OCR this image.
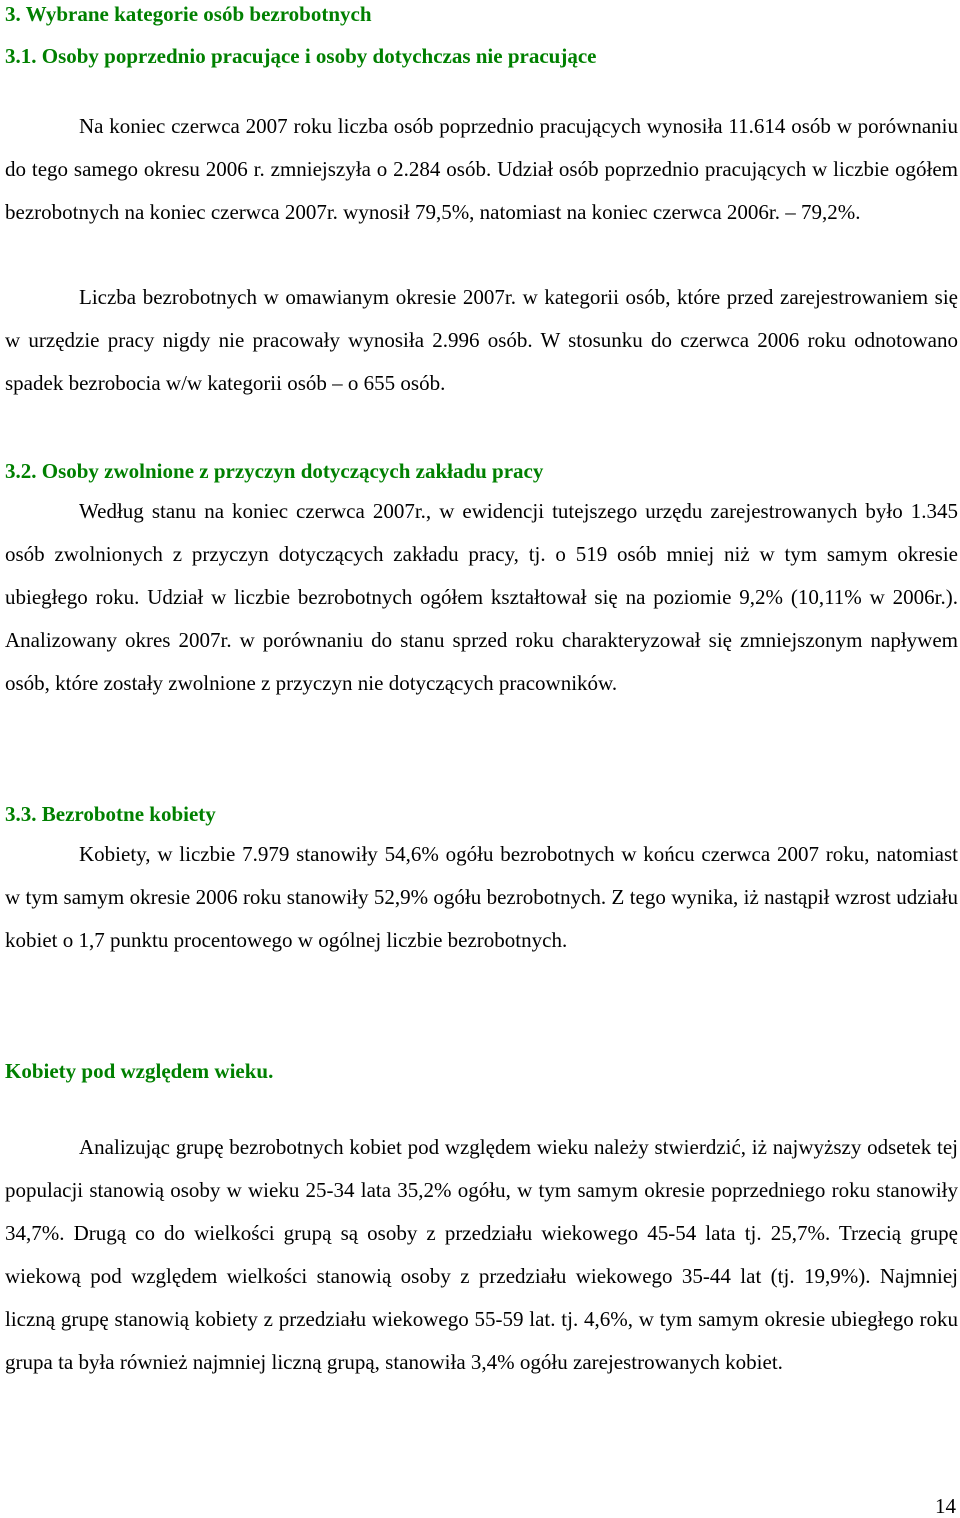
3. Wybrane kategorie osób bezrobotnych
3.1. Osoby poprzednio pracujące i osoby dotychczas nie pracujące

Na koniec czerwca 2007 roku liczba osób poprzednio pracujących wynosiła 11.614 osób w porównaniu do tego samego okresu 2006 r. zmniejszyła o 2.284 osób. Udział osób poprzednio pracujących w liczbie ogółem bezrobotnych na koniec czerwca 2007r. wynosił 79,5%, natomiast na koniec czerwca 2006r. – 79,2%.

Liczba bezrobotnych w omawianym okresie 2007r. w kategorii osób, które przed zarejestrowaniem się w urzędzie pracy nigdy nie pracowały wynosiła 2.996 osób. W stosunku do czerwca 2006 roku odnotowano spadek bezrobocia w/w kategorii osób – o 655 osób.

3.2. Osoby zwolnione z przyczyn dotyczących zakładu pracy

Według stanu na koniec czerwca 2007r., w ewidencji tutejszego urzędu zarejestrowanych było 1.345 osób zwolnionych z przyczyn dotyczących zakładu pracy, tj. o 519 osób mniej niż w tym samym okresie ubiegłego roku. Udział w liczbie bezrobotnych ogółem kształtował się na poziomie 9,2% (10,11% w 2006r.). Analizowany okres 2007r. w porównaniu do stanu sprzed roku charakteryzował się zmniejszonym napływem osób, które zostały zwolnione z przyczyn nie dotyczących pracowników.

3.3. Bezrobotne kobiety

Kobiety, w liczbie 7.979 stanowiły 54,6% ogółu bezrobotnych w końcu czerwca 2007 roku, natomiast w tym samym okresie 2006 roku stanowiły 52,9% ogółu bezrobotnych. Z tego wynika, iż nastąpił wzrost udziału kobiet o 1,7 punktu procentowego w ogólnej liczbie bezrobotnych.

Kobiety pod względem wieku.

Analizując grupę bezrobotnych kobiet pod względem wieku należy stwierdzić, iż najwyższy odsetek tej populacji stanowią osoby w wieku 25-34 lata 35,2% ogółu, w tym samym okresie poprzedniego roku stanowiły 34,7%. Drugą co do wielkości grupą są osoby z przedziału wiekowego 45-54 lata tj. 25,7%. Trzecią grupę wiekową pod względem wielkości stanowią osoby z przedziału wiekowego 35-44 lat (tj. 19,9%). Najmniej liczną grupę stanowią kobiety z przedziału wiekowego 55-59 lat. tj. 4,6%, w tym samym okresie ubiegłego roku grupa ta była również najmniej liczną grupą, stanowiła 3,4% ogółu zarejestrowanych kobiet.

14
